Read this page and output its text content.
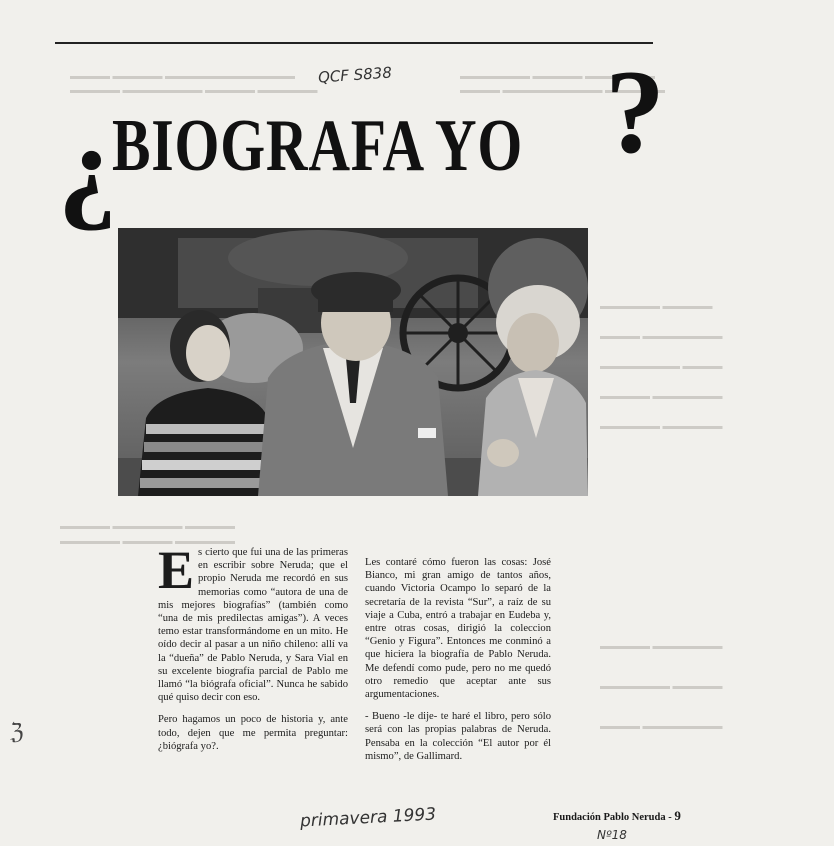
▬▬▬▬ ▬▬▬▬▬ ▬▬▬▬▬▬▬▬▬▬▬▬▬
▬▬▬▬▬ ▬▬▬▬▬▬▬▬ ▬▬▬▬▬ ▬▬▬▬▬▬
▬▬▬▬▬▬▬ ▬▬▬▬▬ ▬▬▬▬▬▬▬
▬▬▬▬ ▬▬▬▬▬▬▬▬▬▬ ▬▬▬▬▬▬
▬▬▬▬▬▬ ▬▬▬▬▬
▬▬▬▬ ▬▬▬▬▬▬▬▬
▬▬▬▬▬▬▬▬ ▬▬▬▬
▬▬▬▬▬ ▬▬▬▬▬▬▬
▬▬▬▬▬▬ ▬▬▬▬▬▬
▬▬▬▬▬ ▬▬▬▬▬▬▬
▬▬▬▬▬▬▬ ▬▬▬▬▬
▬▬▬▬ ▬▬▬▬▬▬▬▬
▬▬▬▬▬ ▬▬▬▬▬▬▬ ▬▬▬▬▬
▬▬▬▬▬▬ ▬▬▬▬▬ ▬▬▬▬▬▬
QCF S838
¿
BIOGRAFA YO ?

E s cierto que fui una de las primeras en escribir sobre Neruda; que el propio Neruda me recordó en sus memorias como “autora de una de mis mejores biografías” (también como “una de mis predilectas amigas”). A veces temo estar transformándome en un mito. He oído decir al pasar a un niño chileno: allí va la “dueña” de Pablo Neruda, y Sara Vial en su excelente biografía parcial de Pablo me llamó “la biógrafa oficial”. Nunca he sabido qué quiso decir con eso.

Pero hagamos un poco de historia y, ante todo, dejen que me permita preguntar: ¿biógrafa yo?.

Les contaré cómo fueron las cosas: José Bianco, mi gran amigo de tantos años, cuando Victoria Ocampo lo separó de la secretaría de la revista “Sur”, a raíz de su viaje a Cuba, entró a trabajar en Eudeba y, entre otras cosas, dirigió la coleccion “Genio y Figura”. Entonces me conminó a que hiciera la biografía de Pablo Neruda. Me defendí como pude, pero no me quedó otro remedio que aceptar ante sus argumentaciones.

- Bueno -le dije- te haré el libro, pero sólo será con las propias palabras de Neruda. Pensaba en la colección “El autor por él mismo”, de Gallimard.

primavera 1993
Nº18
Fundación Pablo Neruda - 9
ℨ
